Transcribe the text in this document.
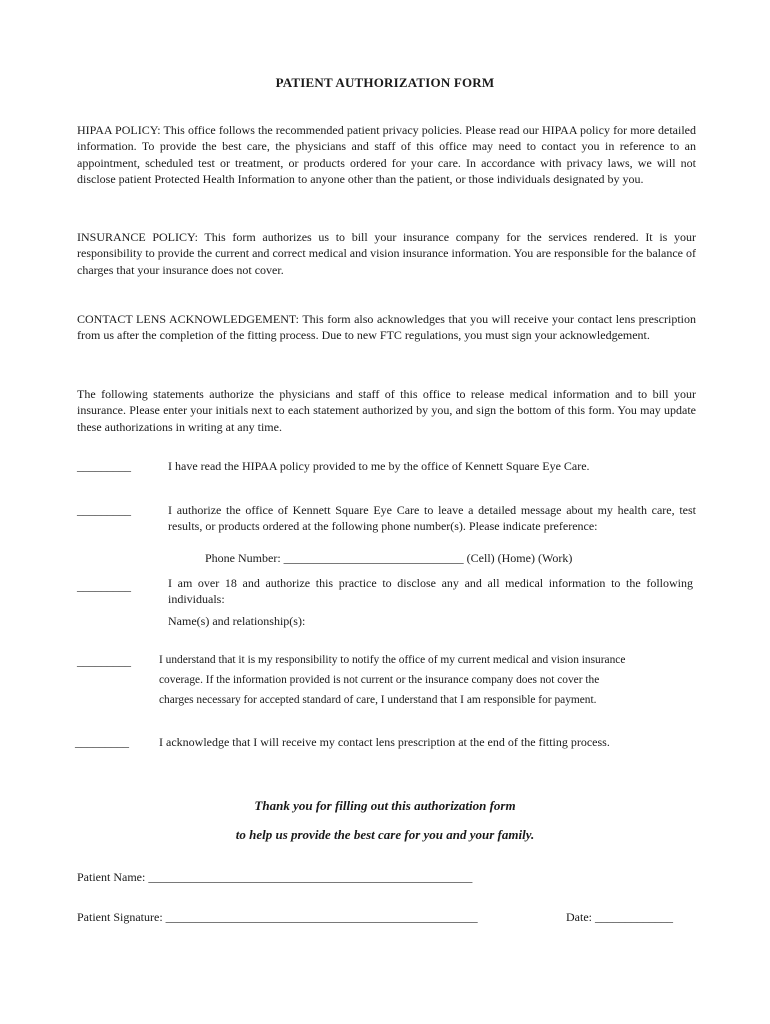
PATIENT AUTHORIZATION FORM
HIPAA POLICY: This office follows the recommended patient privacy policies. Please read our HIPAA policy for more detailed information. To provide the best care, the physicians and staff of this office may need to contact you in reference to an appointment, scheduled test or treatment, or products ordered for your care. In accordance with privacy laws, we will not disclose patient Protected Health Information to anyone other than the patient, or those individuals designated by you.
INSURANCE POLICY: This form authorizes us to bill your insurance company for the services rendered. It is your responsibility to provide the current and correct medical and vision insurance information. You are responsible for the balance of charges that your insurance does not cover.
CONTACT LENS ACKNOWLEDGEMENT: This form also acknowledges that you will receive your contact lens prescription from us after the completion of the fitting process. Due to new FTC regulations, you must sign your acknowledgement.
The following statements authorize the physicians and staff of this office to release medical information and to bill your insurance. Please enter your initials next to each statement authorized by you, and sign the bottom of this form. You may update these authorizations in writing at any time.
_________	I have read the HIPAA policy provided to me by the office of Kennett Square Eye Care.
_________	I authorize the office of Kennett Square Eye Care to leave a detailed message about my health care, test results, or products ordered at the following phone number(s). Please indicate preference:
Phone Number: ______________________________ (Cell) (Home) (Work)
_________	I am over 18 and authorize this practice to disclose any and all medical information to the following individuals:
Name(s) and relationship(s):
_________ I understand that it is my responsibility to notify the office of my current medical and vision insurance
coverage. If the information provided is not current or the insurance company does not cover the
charges necessary for accepted standard of care, I understand that I am responsible for payment.
_________	I acknowledge that I will receive my contact lens prescription at the end of the fitting process.
Thank you for filling out this authorization form
to help us provide the best care for you and your family.
Patient Name: ______________________________________________________
Patient Signature: ____________________________________________________	Date: _____________
